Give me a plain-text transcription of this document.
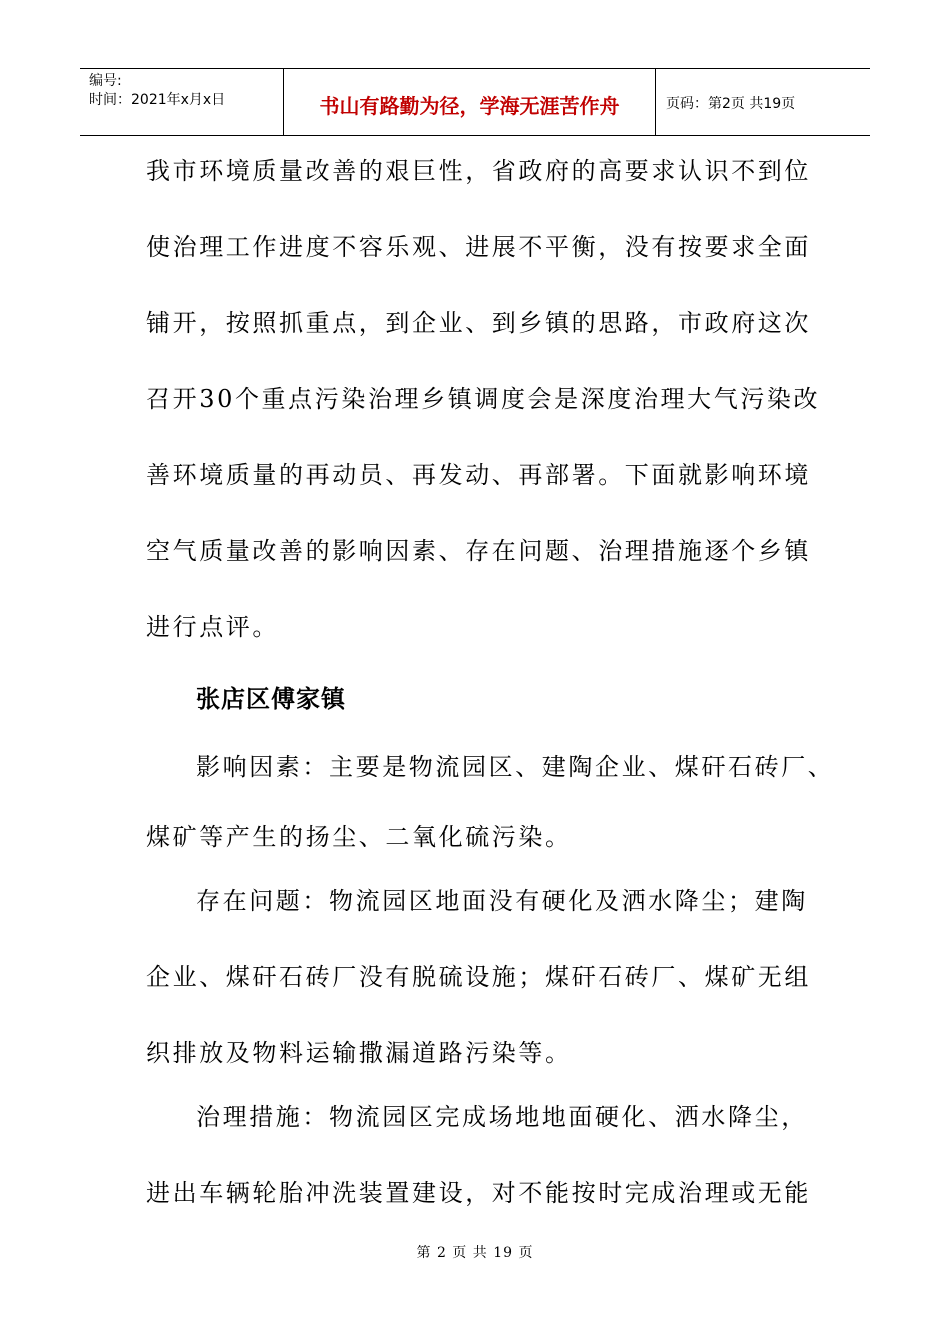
编号:
时间：2021年x月x日	书山有路勤为径，学海无涯苦作舟	页码：第2页 共19页
我市环境质量改善的艰巨性，省政府的高要求认识不到位
使治理工作进度不容乐观、进展不平衡，没有按要求全面
铺开，按照抓重点，到企业、到乡镇的思路，市政府这次
召开30个重点污染治理乡镇调度会是深度治理大气污染改
善环境质量的再动员、再发动、再部署。下面就影响环境
空气质量改善的影响因素、存在问题、治理措施逐个乡镇
进行点评。
张店区傅家镇
影响因素：主要是物流园区、建陶企业、煤矸石砖厂、
煤矿等产生的扬尘、二氧化硫污染。
存在问题：物流园区地面没有硬化及洒水降尘；建陶
企业、煤矸石砖厂没有脱硫设施；煤矸石砖厂、煤矿无组
织排放及物料运输撒漏道路污染等。
治理措施：物流园区完成场地地面硬化、洒水降尘，
进出车辆轮胎冲洗装置建设，对不能按时完成治理或无能
第 2 页 共 19 页
